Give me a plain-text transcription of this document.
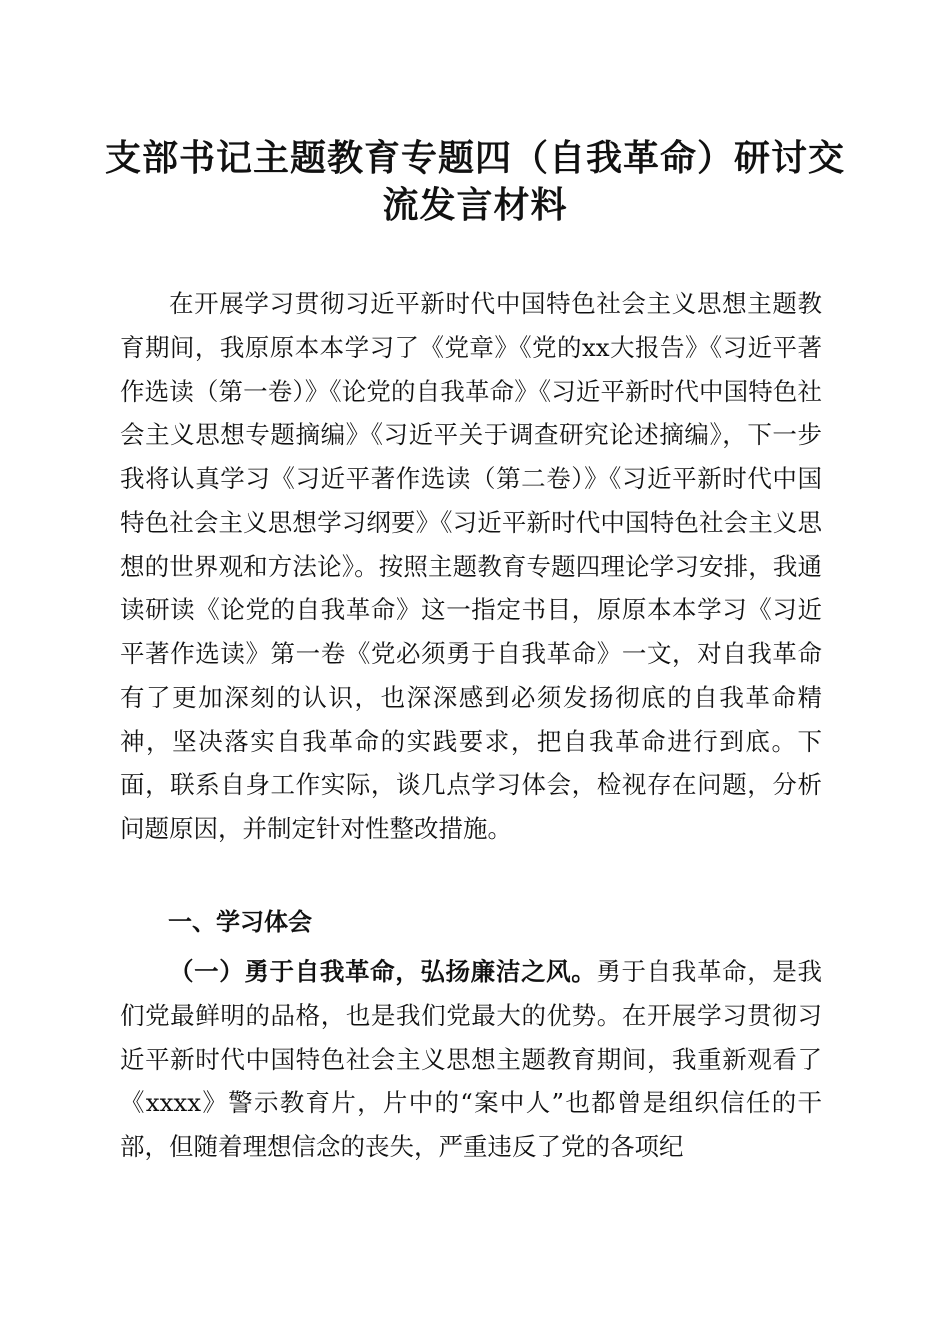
支部书记主题教育专题四（自我革命）研讨交
流发言材料

在开展学习贯彻习近平新时代中国特色社会主义思想主题教育期间，我原原本本学习了《党章》《党的xx大报告》《习近平著作选读（第一卷）》《论党的自我革命》《习近平新时代中国特色社会主义思想专题摘编》《习近平关于调查研究论述摘编》，下一步我将认真学习《习近平著作选读（第二卷）》《习近平新时代中国特色社会主义思想学习纲要》《习近平新时代中国特色社会主义思想的世界观和方法论》。按照主题教育专题四理论学习安排，我通读研读《论党的自我革命》这一指定书目，原原本本学习《习近平著作选读》第一卷《党必须勇于自我革命》一文，对自我革命有了更加深刻的认识，也深深感到必须发扬彻底的自我革命精神，坚决落实自我革命的实践要求，把自我革命进行到底。下面，联系自身工作实际，谈几点学习体会，检视存在问题，分析问题原因，并制定针对性整改措施。

一、学习体会

（一）勇于自我革命，弘扬廉洁之风。勇于自我革命，是我们党最鲜明的品格，也是我们党最大的优势。在开展学习贯彻习近平新时代中国特色社会主义思想主题教育期间，我重新观看了《xxxx》警示教育片，片中的“案中人”也都曾是组织信任的干部，但随着理想信念的丧失，严重违反了党的各项纪
